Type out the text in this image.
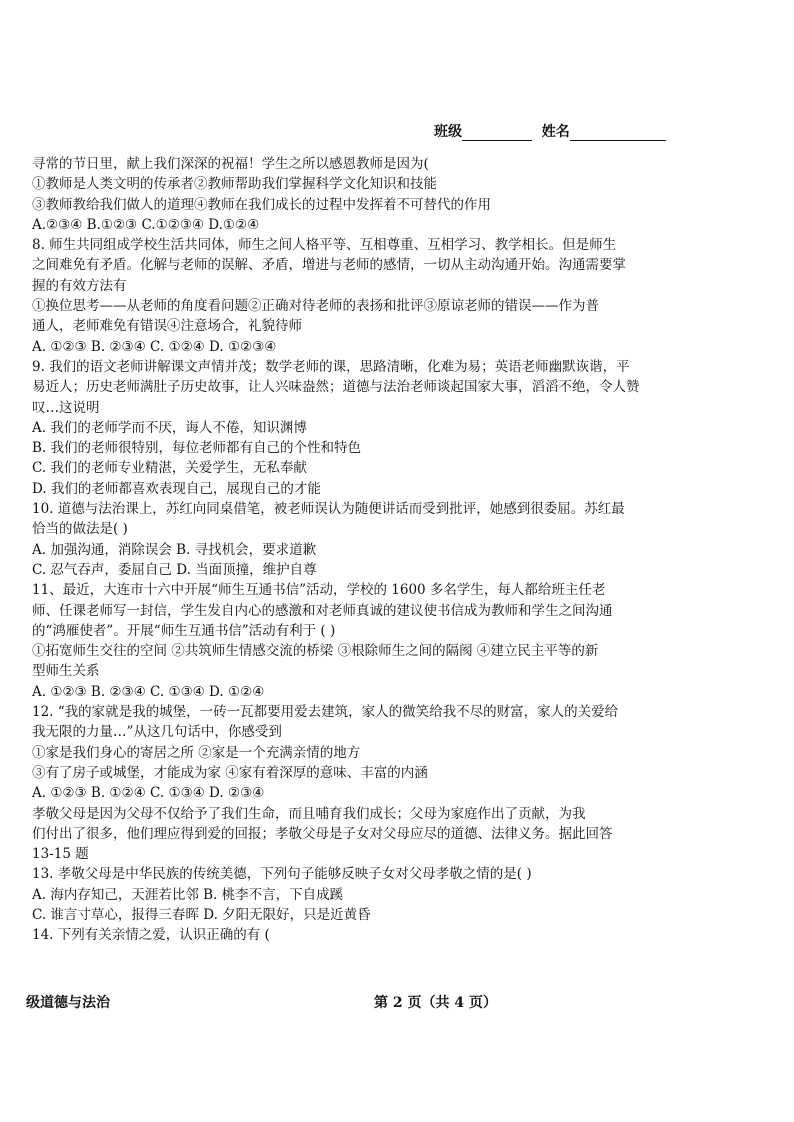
班级	姓名
寻常的节日里，献上我们深深的祝福！学生之所以感恩教师是因为(
①教师是人类文明的传承者②教师帮助我们掌握科学文化知识和技能
③教师教给我们做人的道理④教师在我们成长的过程中发挥着不可替代的作用
A.②③④ B.①②③ C.①②③④ D.①②④
8. 师生共同组成学校生活共同体，师生之间人格平等、互相尊重、互相学习、教学相长。但是师生
之间难免有矛盾。化解与老师的误解、矛盾，增进与老师的感情，一切从主动沟通开始。沟通需要掌
握的有效方法有
①换位思考——从老师的角度看问题②正确对待老师的表扬和批评③原谅老师的错误——作为普
通人，老师难免有错误④注意场合，礼貌待师
A. ①②③ B. ②③④ C. ①②④ D. ①②③④
9. 我们的语文老师讲解课文声情并茂；数学老师的课，思路清晰，化难为易；英语老师幽默诙谐，平
易近人；历史老师满肚子历史故事，让人兴味盎然；道德与法治老师谈起国家大事，滔滔不绝，令人赞
叹…这说明
A. 我们的老师学而不厌，诲人不倦，知识渊博
B. 我们的老师很特别，每位老师都有自己的个性和特色
C. 我们的老师专业精湛，关爱学生，无私奉献
D. 我们的老师都喜欢表现自己，展现自己的才能
10. 道德与法治课上，苏红向同桌借笔，被老师误认为随便讲话而受到批评，她感到很委屈。苏红最
恰当的做法是( )
A. 加强沟通，消除误会 B. 寻找机会，要求道歉
C. 忍气吞声，委屈自己 D. 当面顶撞，维护自尊
11、最近，大连市十六中开展“师生互通书信”活动，学校的 1600 多名学生，每人都给班主任老
师、任课老师写一封信，学生发自内心的感激和对老师真诚的建议使书信成为教师和学生之间沟通
的“鸿雁使者”。开展“师生互通书信”活动有利于 ( )
①拓宽师生交往的空间 ②共筑师生情感交流的桥梁 ③根除师生之间的隔阂 ④建立民主平等的新
型师生关系
A. ①②③ B. ②③④ C. ①③④ D. ①②④
12. “我的家就是我的城堡，一砖一瓦都要用爱去建筑，家人的微笑给我不尽的财富，家人的关爱给
我无限的力量…”从这几句话中，你感受到
①家是我们身心的寄居之所 ②家是一个充满亲情的地方
③有了房子或城堡，才能成为家 ④家有着深厚的意味、丰富的内涵
A. ①②③ B. ①②④ C. ①③④ D. ②③④
孝敬父母是因为父母不仅给予了我们生命，而且哺育我们成长；父母为家庭作出了贡献，为我
们付出了很多，他们理应得到爱的回报；孝敬父母是子女对父母应尽的道德、法律义务。据此回答
13-15 题
13. 孝敬父母是中华民族的传统美德，下列句子能够反映子女对父母孝敬之情的是( )
A. 海内存知己，天涯若比邻 B. 桃李不言，下自成蹊
C. 谁言寸草心，报得三春晖 D. 夕阳无限好，只是近黄昏
14. 下列有关亲情之爱，认识正确的有 (
级道德与法治	第 2 页（共 4 页）
